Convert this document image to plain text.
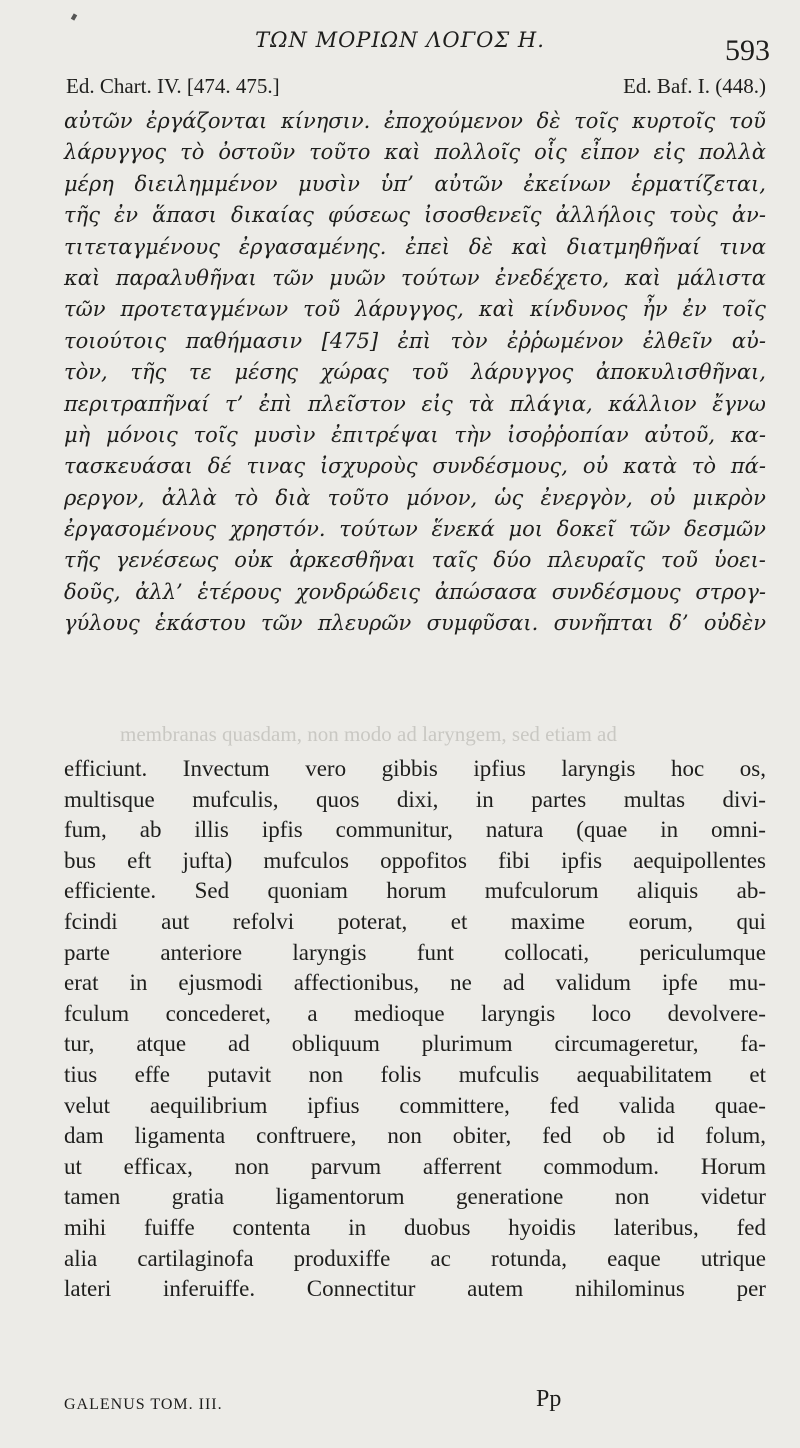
ΤΩΝ ΜΟΡΙΩΝ ΛΟΓΟΣ Η.	593
Ed. Chart. IV. [474. 475.]	Ed. Baf. I. (448.)
αὐτῶν ἐργάζονται κίνησιν. ἐποχούμενον δὲ τοῖς κυρτοῖς τοῦ
λάρυγγος τὸ ὀστοῦν τοῦτο καὶ πολλοῖς οἷς εἶπον εἰς πολλὰ
μέρη διειλημμένον μυσὶν ὑπ’ αὐτῶν ἐκείνων ἑρματίζεται,
τῆς ἐν ἅπασι δικαίας φύσεως ἰσοσθενεῖς ἀλλήλοις τοὺς ἀν-
τιτεταγμένους ἐργασαμένης. ἐπεὶ δὲ καὶ διατμηθῆναί τινα
καὶ παραλυθῆναι τῶν μυῶν τούτων ἐνεδέχετο, καὶ μάλιστα
τῶν προτεταγμένων τοῦ λάρυγγος, καὶ κίνδυνος ἦν ἐν τοῖς
τοιούτοις παθήμασιν [475] ἐπὶ τὸν ἐῤῥωμένον ἐλθεῖν αὐ-
τὸν, τῆς τε μέσης χώρας τοῦ λάρυγγος ἀποκυλισθῆναι,
περιτραπῆναί τ’ ἐπὶ πλεῖστον εἰς τὰ πλάγια, κάλλιον ἔγνω
μὴ μόνοις τοῖς μυσὶν ἐπιτρέψαι τὴν ἰσοῤῥοπίαν αὐτοῦ, κα-
τασκευάσαι δέ τινας ἰσχυροὺς συνδέσμους, οὐ κατὰ τὸ πά-
ρεργον, ἀλλὰ τὸ διὰ τοῦτο μόνον, ὡς ἐνεργὸν, οὐ μικρὸν
ἐργασομένους χρηστόν. τούτων ἕνεκά μοι δοκεῖ τῶν δεσμῶν
τῆς γενέσεως οὐκ ἀρκεσθῆναι ταῖς δύο πλευραῖς τοῦ ὑοει-
δοῦς, ἀλλ’ ἑτέρους χονδρώδεις ἀπώσασα συνδέσμους στρογ-
γύλους ἑκάστου τῶν πλευρῶν συμφῦσαι. συνῆπται δ’ οὐδὲν
membranas quasdam, non modo ad laryngem, sed etiam ad
efficiunt. Invectum vero gibbis ipfius laryngis hoc os,
multisque mufculis, quos dixi, in partes multas divi-
fum, ab illis ipfis communitur, natura (quae in omni-
bus eft jufta) mufculos oppofitos fibi ipfis aequipollentes
efficiente. Sed quoniam horum mufculorum aliquis ab-
fcindi aut refolvi poterat, et maxime eorum, qui
parte anteriore laryngis funt collocati, periculumque
erat in ejusmodi affectionibus, ne ad validum ipfe mu-
fculum concederet, a medioque laryngis loco devolvere-
tur, atque ad obliquum plurimum circumageretur, fa-
tius effe putavit non folis mufculis aequabilitatem et
velut aequilibrium ipfius committere, fed valida quae-
dam ligamenta conftruere, non obiter, fed ob id folum,
ut efficax, non parvum afferrent commodum. Horum
tamen gratia ligamentorum generatione non videtur
mihi fuiffe contenta in duobus hyoidis lateribus, fed
alia cartilaginofa produxiffe ac rotunda, eaque utrique
lateri inferuiffe. Connectitur autem nihilominus per
GALENUS TOM. III.	Pp
